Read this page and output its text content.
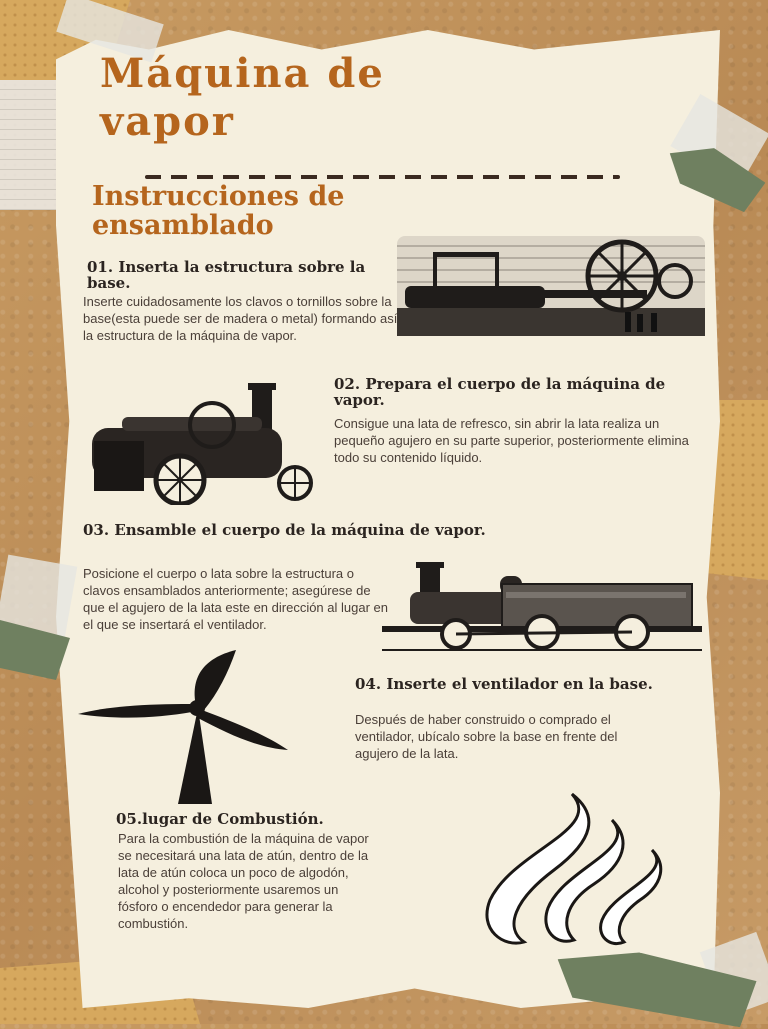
Máquina de vapor
Instrucciones de ensamblado
01. Inserta la estructura sobre la base.

Inserte cuidadosamente los clavos o tornillos sobre la base(esta puede ser de madera o metal) formando así la estructura de la máquina de vapor.

02. Prepara el cuerpo de la máquina de vapor.

Consigue una lata de refresco, sin abrir la lata realiza un pequeño agujero en su parte superior, posteriormente elimina todo su contenido líquido.

03. Ensamble el cuerpo de la máquina de vapor.

Posicione el cuerpo o lata sobre la estructura o clavos ensamblados anteriormente; asegúrese de que el agujero de la lata este en dirección al lugar en el que se insertará el ventilador.

04. Inserte el ventilador en la base.

Después de haber construido o comprado el ventilador, ubícalo sobre la base en frente del agujero de la lata.

05.lugar de Combustión.

Para la combustión de la máquina de vapor se necesitará una lata de atún, dentro de la lata de atún coloca un poco de algodón, alcohol y posteriormente usaremos un fósforo o encendedor para generar la combustión.
